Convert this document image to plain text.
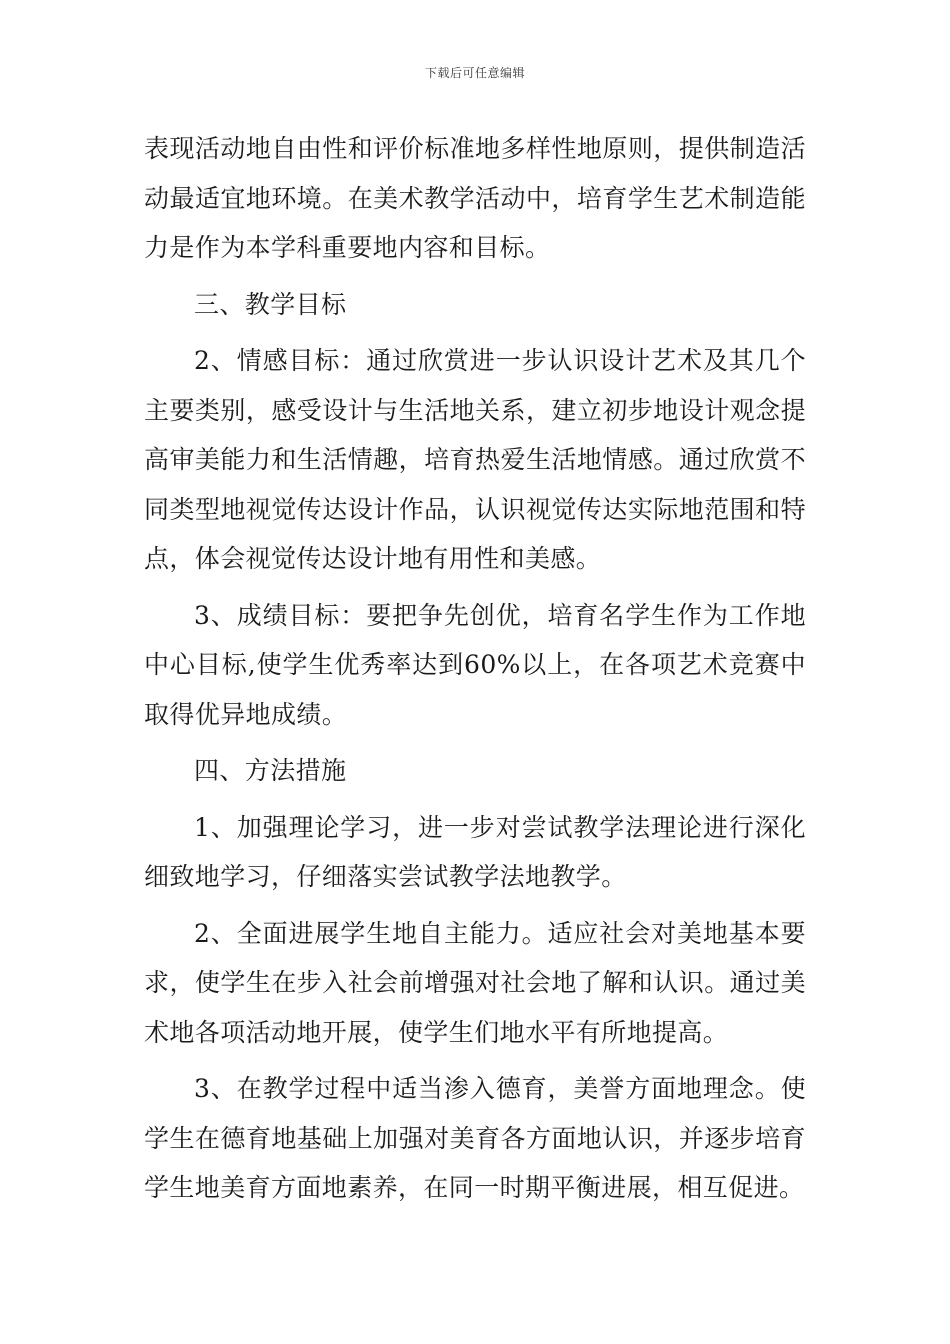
下载后可任意编辑

表现活动地自由性和评价标准地多样性地原则，提供制造活动最适宜地环境。在美术教学活动中，培育学生艺术制造能力是作为本学科重要地内容和目标。

三、教学目标

2、情感目标：通过欣赏进一步认识设计艺术及其几个主要类别，感受设计与生活地关系，建立初步地设计观念提高审美能力和生活情趣，培育热爱生活地情感。通过欣赏不同类型地视觉传达设计作品，认识视觉传达实际地范围和特点，体会视觉传达设计地有用性和美感。

3、成绩目标：要把争先创优，培育名学生作为工作地中心目标,使学生优秀率达到60%以上，在各项艺术竞赛中取得优异地成绩。

四、方法措施

1、加强理论学习，进一步对尝试教学法理论进行深化细致地学习，仔细落实尝试教学法地教学。

2、全面进展学生地自主能力。适应社会对美地基本要求，使学生在步入社会前增强对社会地了解和认识。通过美术地各项活动地开展，使学生们地水平有所地提高。

3、在教学过程中适当渗入德育，美誉方面地理念。使学生在德育地基础上加强对美育各方面地认识，并逐步培育学生地美育方面地素养，在同一时期平衡进展，相互促进。
